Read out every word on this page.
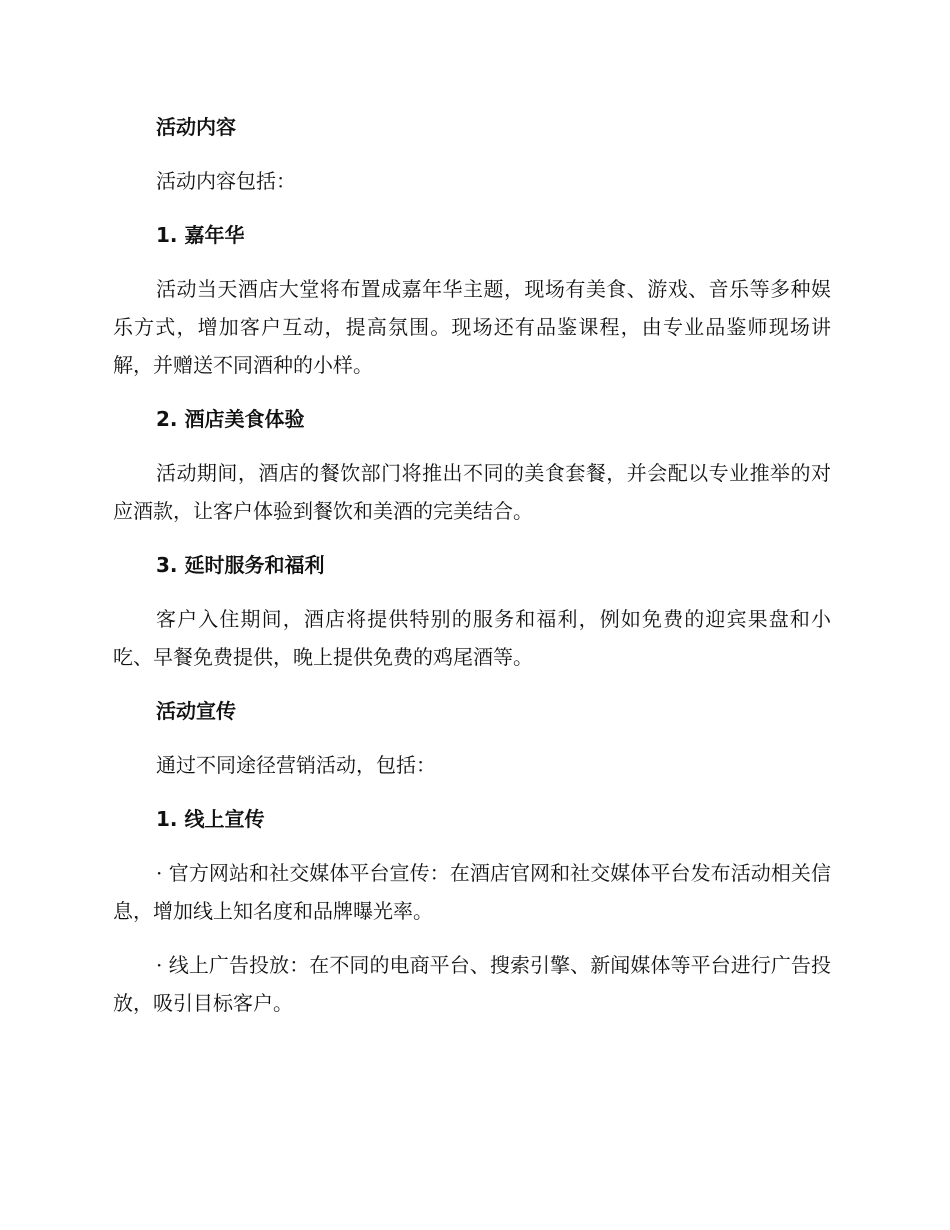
活动内容

活动内容包括：

1. 嘉年华

活动当天酒店大堂将布置成嘉年华主题，现场有美食、游戏、音乐等多种娱乐方式，增加客户互动，提高氛围。现场还有品鉴课程，由专业品鉴师现场讲解，并赠送不同酒种的小样。

2. 酒店美食体验

活动期间，酒店的餐饮部门将推出不同的美食套餐，并会配以专业推举的对应酒款，让客户体验到餐饮和美酒的完美结合。

3. 延时服务和福利

客户入住期间，酒店将提供特别的服务和福利，例如免费的迎宾果盘和小吃、早餐免费提供，晚上提供免费的鸡尾酒等。

活动宣传

通过不同途径营销活动，包括：

1. 线上宣传

· 官方网站和社交媒体平台宣传：在酒店官网和社交媒体平台发布活动相关信息，增加线上知名度和品牌曝光率。

· 线上广告投放：在不同的电商平台、搜索引擎、新闻媒体等平台进行广告投放，吸引目标客户。
